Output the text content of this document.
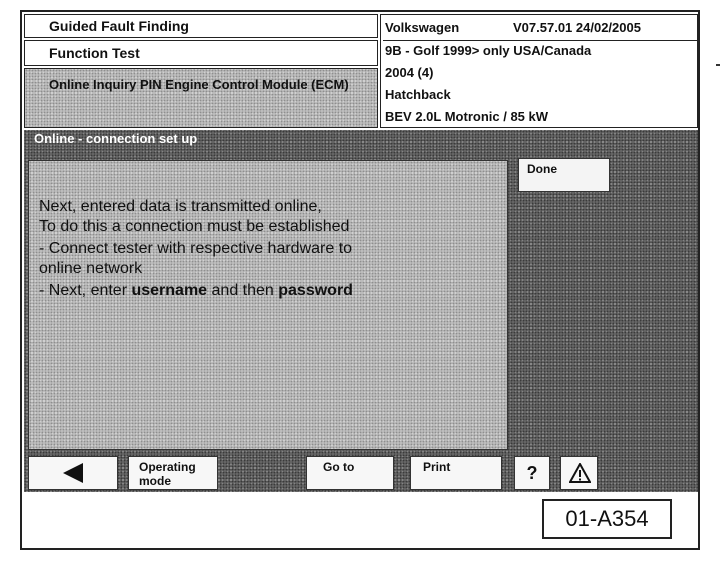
Guided Fault Finding
Function Test
Online Inquiry PIN Engine Control Module (ECM)
Volkswagen	V07.57.01 24/02/2005
9B - Golf 1999> only USA/Canada
2004 (4)
Hatchback
BEV 2.0L Motronic / 85 kW
Online - connection set up

Next, entered data is transmitted online,

To do this a connection must be established

- Connect tester with respective hardware to

online network

- Next, enter username and then password

Done
Operating
mode
Go to	Print	?
01-A354
